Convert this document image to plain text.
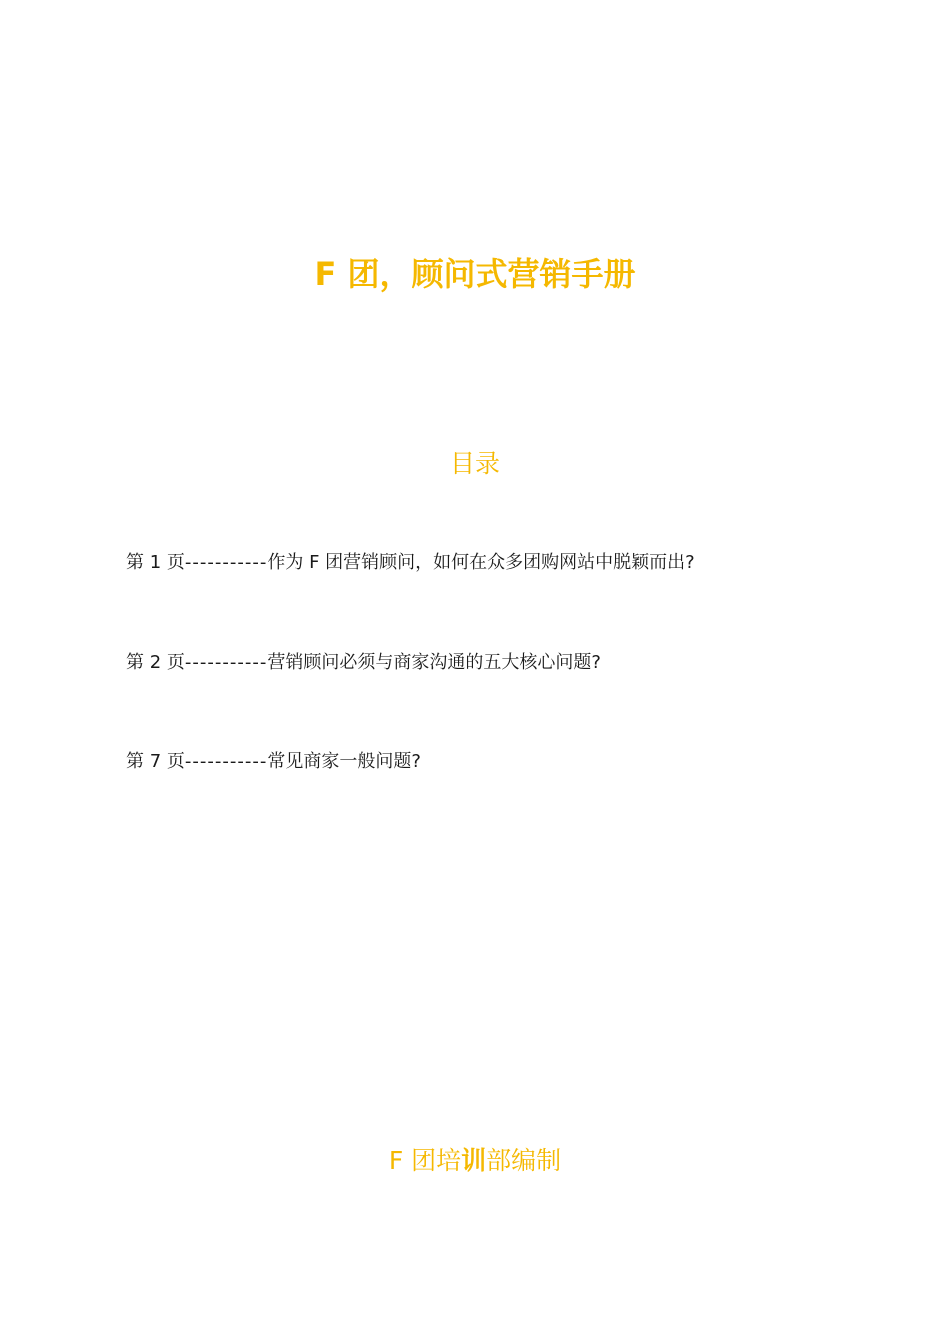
F 团，顾问式营销手册
目录
第 1 页-----------作为 F 团营销顾问，如何在众多团购网站中脱颖而出?
第 2 页-----------营销顾问必须与商家沟通的五大核心问题?
第 7 页-----------常见商家一般问题?
F 团培训部编制
